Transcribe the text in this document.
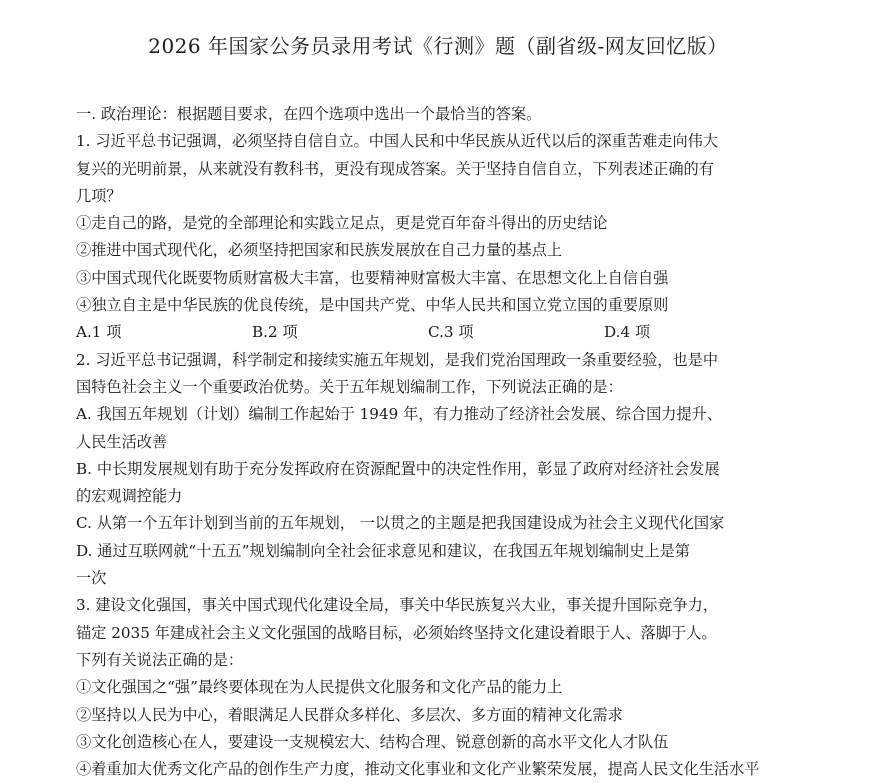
2026 年国家公务员录用考试《行测》题（副省级-网友回忆版）

一. 政治理论：根据题目要求，在四个选项中选出一个最恰当的答案。

1. 习近平总书记强调，必须坚持自信自立。中国人民和中华民族从近代以后的深重苦难走向伟大

复兴的光明前景，从来就没有教科书，更没有现成答案。关于坚持自信自立，下列表述正确的有

几项？

①走自己的路，是党的全部理论和实践立足点，更是党百年奋斗得出的历史结论

②推进中国式现代化，必须坚持把国家和民族发展放在自己力量的基点上

③中国式现代化既要物质财富极大丰富，也要精神财富极大丰富、在思想文化上自信自强

④独立自主是中华民族的优良传统，是中国共产党、中华人民共和国立党立国的重要原则

A.1 项	B.2 项	C.3 项	D.4 项

2. 习近平总书记强调，科学制定和接续实施五年规划，是我们党治国理政一条重要经验，也是中

国特色社会主义一个重要政治优势。关于五年规划编制工作，下列说法正确的是：

A. 我国五年规划（计划）编制工作起始于 1949 年，有力推动了经济社会发展、综合国力提升、

人民生活改善

B. 中长期发展规划有助于充分发挥政府在资源配置中的决定性作用，彰显了政府对经济社会发展

的宏观调控能力

C. 从第一个五年计划到当前的五年规划， 一以贯之的主题是把我国建设成为社会主义现代化国家

D. 通过互联网就“十五五”规划编制向全社会征求意见和建议，在我国五年规划编制史上是第

一次

3. 建设文化强国，事关中国式现代化建设全局，事关中华民族复兴大业，事关提升国际竞争力，

锚定 2035 年建成社会主义文化强国的战略目标，必须始终坚持文化建设着眼于人、落脚于人。

下列有关说法正确的是：

①文化强国之“强”最终要体现在为人民提供文化服务和文化产品的能力上

②坚持以人民为中心，着眼满足人民群众多样化、多层次、多方面的精神文化需求

③文化创造核心在人，要建设一支规模宏大、结构合理、锐意创新的高水平文化人才队伍

④着重加大优秀文化产品的创作生产力度，推动文化事业和文化产业繁荣发展，提高人民文化生活水平
